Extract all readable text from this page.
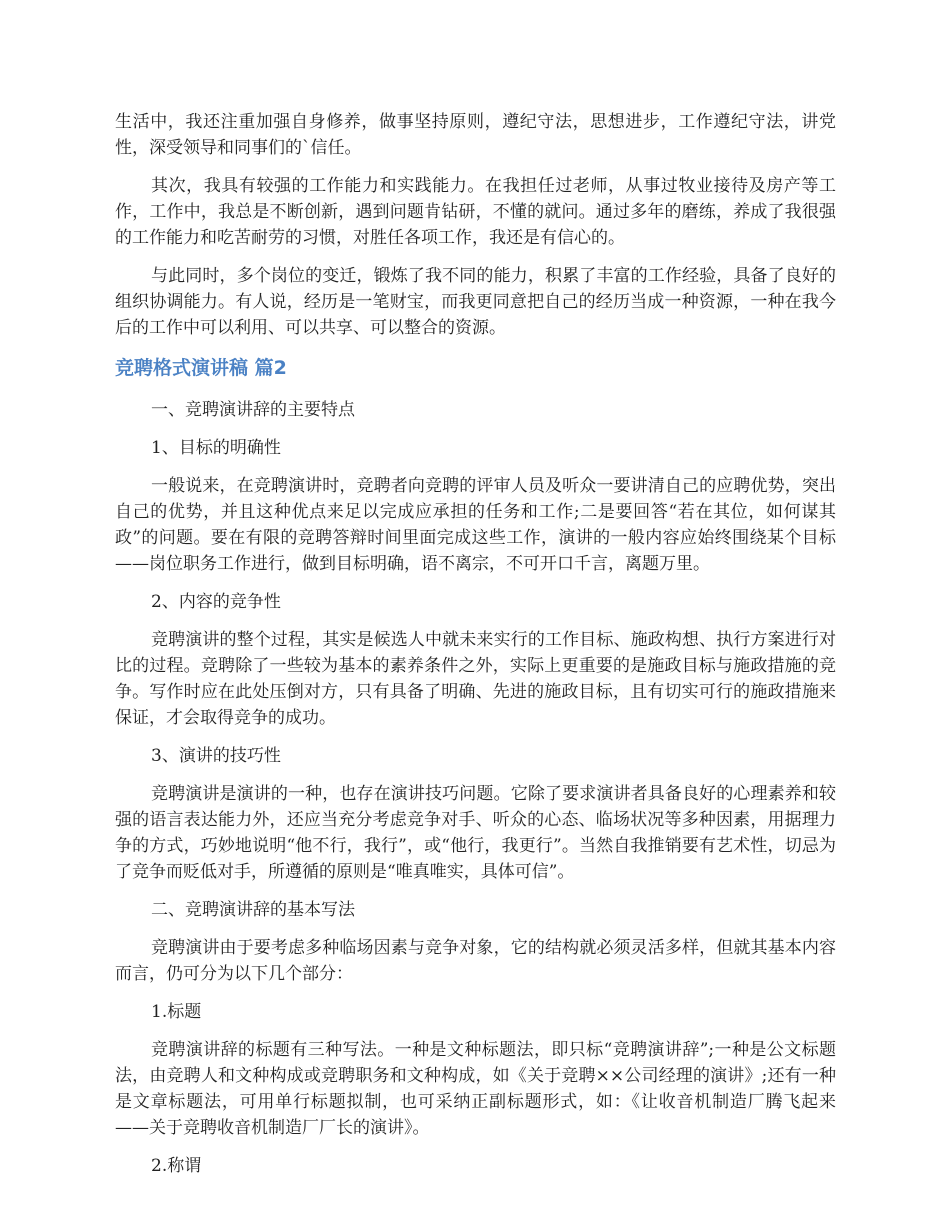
生活中，我还注重加强自身修养，做事坚持原则，遵纪守法，思想进步，工作遵纪守法，讲党性，深受领导和同事们的`信任。

其次，我具有较强的工作能力和实践能力。在我担任过老师，从事过牧业接待及房产等工作，工作中，我总是不断创新，遇到问题肯钻研，不懂的就问。通过多年的磨练，养成了我很强的工作能力和吃苦耐劳的习惯，对胜任各项工作，我还是有信心的。

与此同时，多个岗位的变迁，锻炼了我不同的能力，积累了丰富的工作经验，具备了良好的组织协调能力。有人说，经历是一笔财宝，而我更同意把自己的经历当成一种资源，一种在我今后的工作中可以利用、可以共享、可以整合的资源。

竞聘格式演讲稿 篇2

一、竞聘演讲辞的主要特点

1、目标的明确性

一般说来，在竞聘演讲时，竞聘者向竞聘的评审人员及听众一要讲清自己的应聘优势，突出自己的优势，并且这种优点来足以完成应承担的任务和工作;二是要回答“若在其位，如何谋其政”的问题。要在有限的竞聘答辩时间里面完成这些工作，演讲的一般内容应始终围绕某个目标——岗位职务工作进行，做到目标明确，语不离宗，不可开口千言，离题万里。

2、内容的竞争性

竞聘演讲的整个过程，其实是候选人中就未来实行的工作目标、施政构想、执行方案进行对比的过程。竞聘除了一些较为基本的素养条件之外，实际上更重要的是施政目标与施政措施的竞争。写作时应在此处压倒对方，只有具备了明确、先进的施政目标，且有切实可行的施政措施来保证，才会取得竞争的成功。

3、演讲的技巧性

竞聘演讲是演讲的一种，也存在演讲技巧问题。它除了要求演讲者具备良好的心理素养和较强的语言表达能力外，还应当充分考虑竞争对手、听众的心态、临场状况等多种因素，用据理力争的方式，巧妙地说明“他不行，我行”，或“他行，我更行”。当然自我推销要有艺术性，切忌为了竞争而贬低对手，所遵循的原则是“唯真唯实，具体可信”。

二、竞聘演讲辞的基本写法

竞聘演讲由于要考虑多种临场因素与竞争对象，它的结构就必须灵活多样，但就其基本内容而言，仍可分为以下几个部分：

1.标题

竞聘演讲辞的标题有三种写法。一种是文种标题法，即只标“竞聘演讲辞”;一种是公文标题法，由竞聘人和文种构成或竞聘职务和文种构成，如《关于竞聘××公司经理的演讲》;还有一种是文章标题法，可用单行标题拟制，也可采纳正副标题形式，如：《让收音机制造厂腾飞起来——关于竞聘收音机制造厂厂长的演讲》。

2.称谓
